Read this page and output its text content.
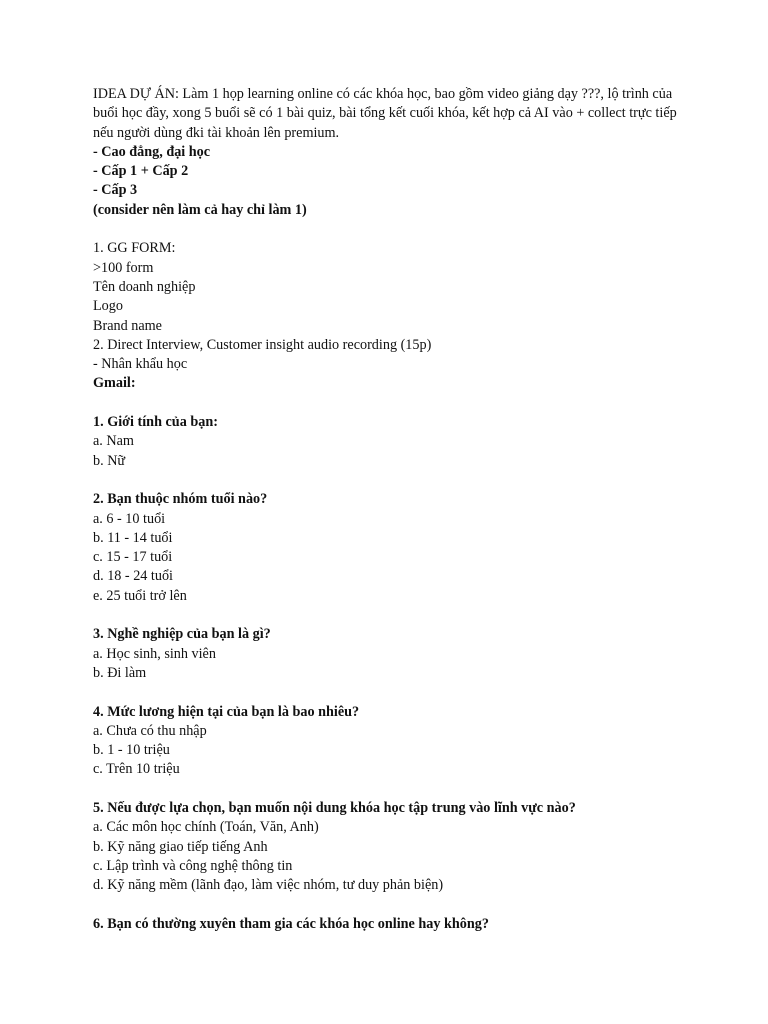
IDEA DỰ ÁN: Làm 1 họp learning online có các khóa học, bao gồm video giảng dạy ???, lộ trình của buổi học đầy, xong 5 buổi sẽ có 1 bài quiz, bài tổng kết cuối khóa, kết hợp cả AI vào + collect trực tiếp nếu người dùng đki tài khoản lên premium.
- Cao đẳng, đại học
- Cấp 1 + Cấp 2
- Cấp 3
(consider nên làm cả hay chỉ làm 1)
1. GG FORM:
>100 form
Tên doanh nghiệp
Logo
Brand name
2. Direct Interview, Customer insight audio recording (15p)
- Nhân khẩu học
Gmail:
1. Giới tính của bạn:
a. Nam
b. Nữ
2. Bạn thuộc nhóm tuổi nào?
a. 6 - 10 tuổi
b. 11 - 14 tuổi
c. 15 - 17 tuổi
d. 18 - 24 tuổi
e. 25 tuổi trở lên
3. Nghề nghiệp của bạn là gì?
a. Học sinh, sinh viên
b. Đi làm
4. Mức lương hiện tại của bạn là bao nhiêu?
a. Chưa có thu nhập
b. 1 - 10 triệu
c. Trên 10 triệu
5. Nếu được lựa chọn, bạn muốn nội dung khóa học tập trung vào lĩnh vực nào?
a. Các môn học chính (Toán, Văn, Anh)
b. Kỹ năng giao tiếp tiếng Anh
c. Lập trình và công nghệ thông tin
d. Kỹ năng mềm (lãnh đạo, làm việc nhóm, tư duy phản biện)
6. Bạn có thường xuyên tham gia các khóa học online hay không?
